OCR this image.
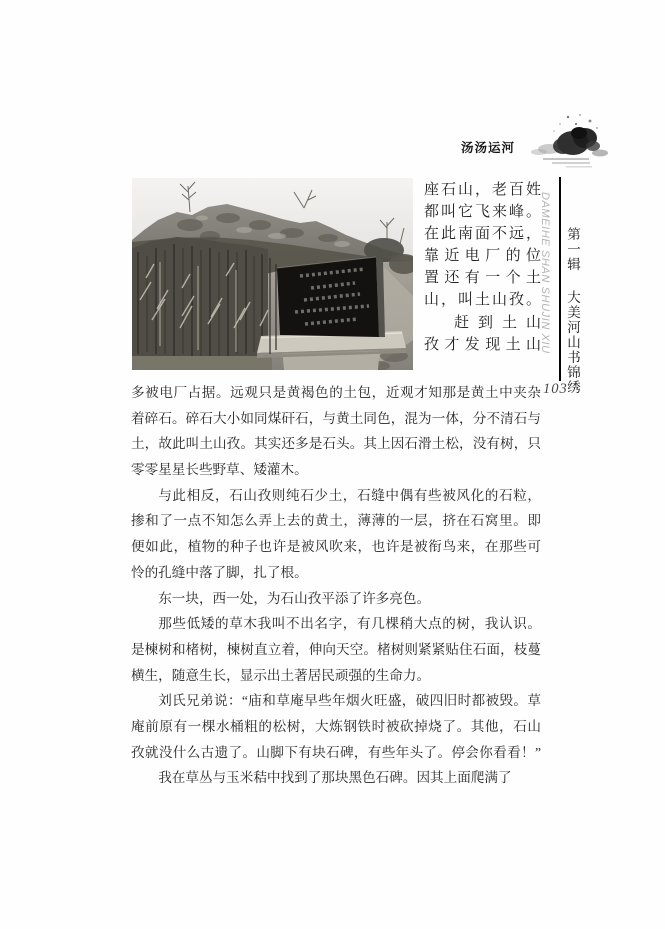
汤汤运河
座石山，老百姓
都叫它飞来峰。
在此南面不远，
靠近电厂的位
置还有一个土
山，叫土山孜。
赶到土山
孜才发现土山
多被电厂占据。远观只是黄褐色的土包，近观才知那是黄土中夹杂
着碎石。碎石大小如同煤矸石，与黄土同色，混为一体，分不清石与
土，故此叫土山孜。其实还多是石头。其上因石滑土松，没有树，只
零零星星长些野草、矮灌木。
与此相反，石山孜则纯石少土，石缝中偶有些被风化的石粒，
掺和了一点不知怎么弄上去的黄土，薄薄的一层，挤在石窝里。即
便如此，植物的种子也许是被风吹来，也许是被衔鸟来，在那些可
怜的孔缝中落了脚，扎了根。
东一块，西一处，为石山孜平添了许多亮色。
那些低矮的草木我叫不出名字，有几棵稍大点的树，我认识。
是楝树和楮树，楝树直立着，伸向天空。楮树则紧紧贴住石面，枝蔓
横生，随意生长，显示出土著居民顽强的生命力。
刘氏兄弟说：“庙和草庵早些年烟火旺盛，破四旧时都被毁。草
庵前原有一棵水桶粗的松树，大炼钢铁时被砍掉烧了。其他，石山
孜就没什么古遗了。山脚下有块石碑，有些年头了。停会你看看！”
我在草丛与玉米秸中找到了那块黑色石碑。因其上面爬满了
DAMEIHE SHAN SHUJIN XIU 第一辑 大美河山书锦绣
103
